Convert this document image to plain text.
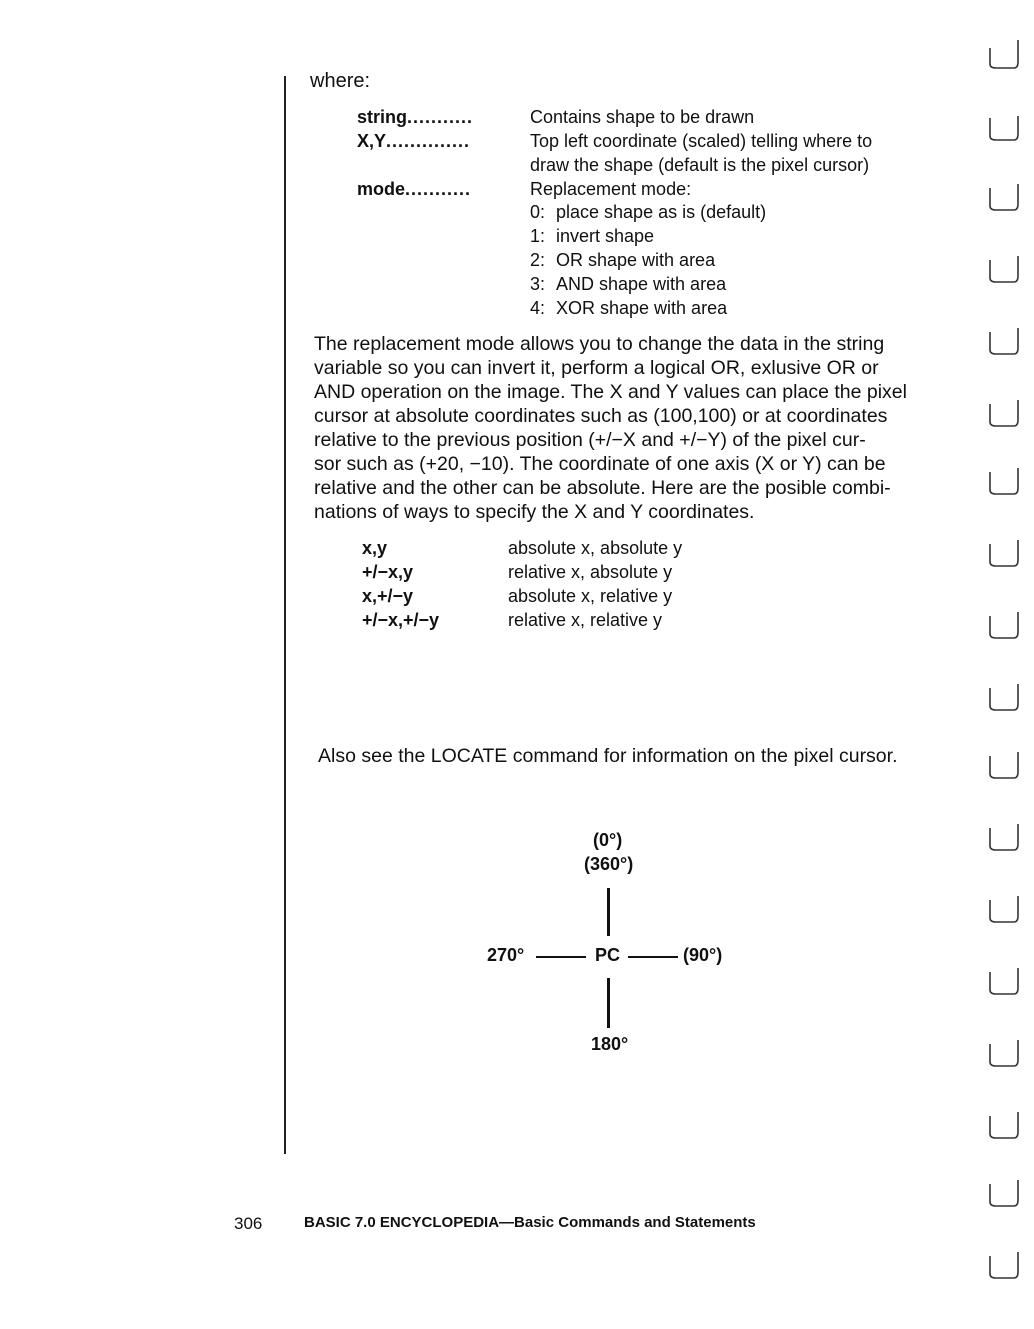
where:
string...........	Contains shape to be drawn
X,Y..............	Top left coordinate (scaled) telling where to
draw the shape (default is the pixel cursor)
mode...........	Replacement mode:
0: place shape as is (default)
1: invert shape
2: OR shape with area
3: AND shape with area
4: XOR shape with area
The replacement mode allows you to change the data in the string
variable so you can invert it, perform a logical OR, exlusive OR or
AND operation on the image. The X and Y values can place the pixel
cursor at absolute coordinates such as (100,100) or at coordinates
relative to the previous position (+/−X and +/−Y) of the pixel cur-
sor such as (+20, −10). The coordinate of one axis (X or Y) can be
relative and the other can be absolute. Here are the posible combi-
nations of ways to specify the X and Y coordinates.
x,y	absolute x, absolute y
+/−x,y	relative x, absolute y
x,+/−y	absolute x, relative y
+/−x,+/−y	relative x, relative y
Also see the LOCATE command for information on the pixel cursor.
(0°)
(360°)
270°	PC	(90°)
180°
306	BASIC 7.0 ENCYCLOPEDIA—Basic Commands and Statements
